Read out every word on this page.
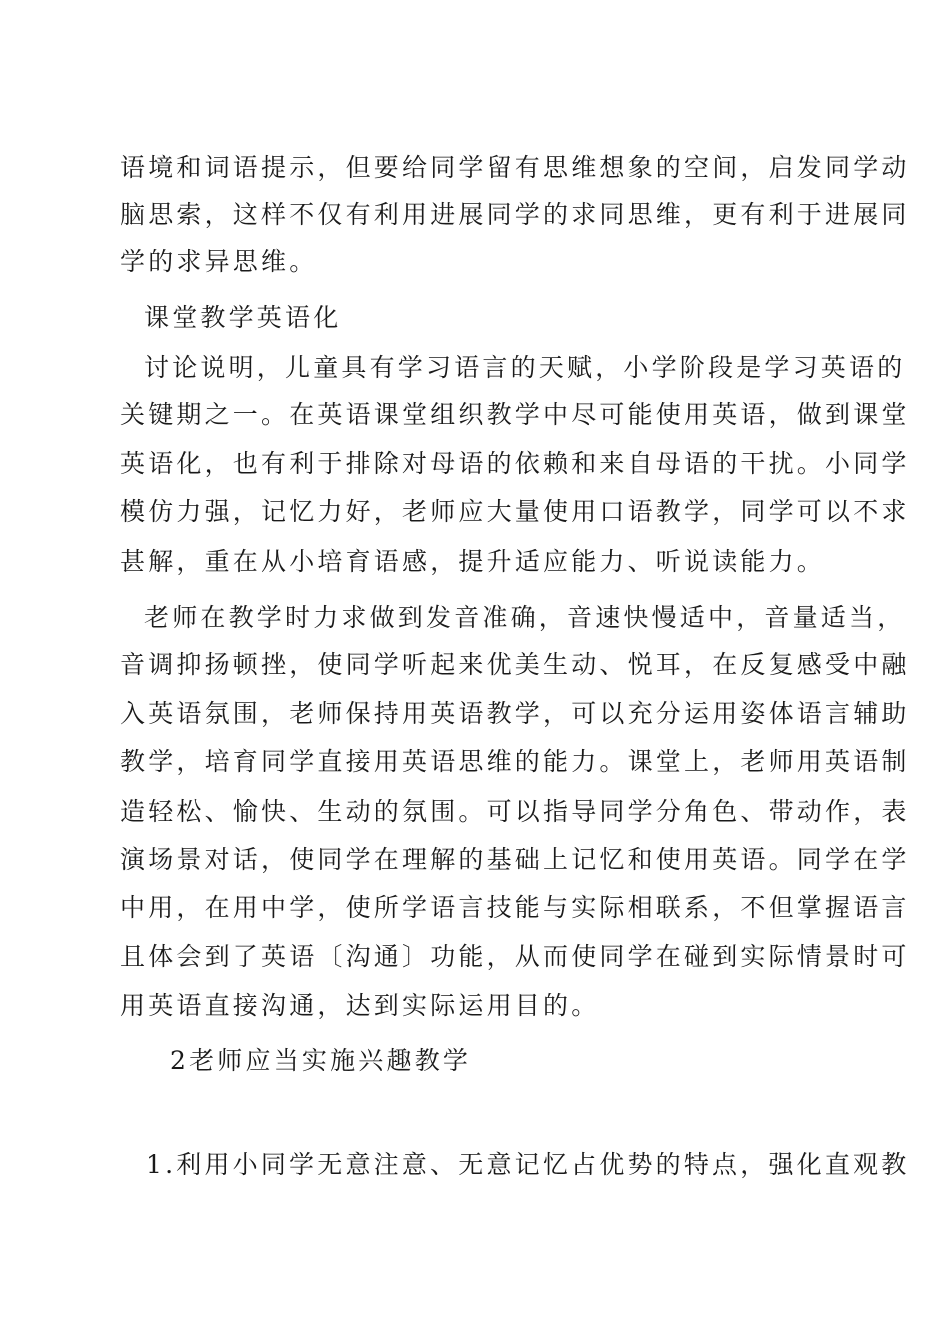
语境和词语提示，但要给同学留有思维想象的空间，启发同学动
脑思索，这样不仅有利用进展同学的求同思维，更有利于进展同
学的求异思维。
课堂教学英语化
讨论说明，儿童具有学习语言的天赋，小学阶段是学习英语的
关键期之一。在英语课堂组织教学中尽可能使用英语，做到课堂
英语化，也有利于排除对母语的依赖和来自母语的干扰。小同学
模仿力强，记忆力好，老师应大量使用口语教学，同学可以不求
甚解，重在从小培育语感，提升适应能力、听说读能力。
老师在教学时力求做到发音准确，音速快慢适中，音量适当，
音调抑扬顿挫，使同学听起来优美生动、悦耳，在反复感受中融
入英语氛围，老师保持用英语教学，可以充分运用姿体语言辅助
教学，培育同学直接用英语思维的能力。课堂上，老师用英语制
造轻松、愉快、生动的氛围。可以指导同学分角色、带动作，表
演场景对话，使同学在理解的基础上记忆和使用英语。同学在学
中用，在用中学，使所学语言技能与实际相联系，不但掌握语言
且体会到了英语〔沟通〕功能，从而使同学在碰到实际情景时可
用英语直接沟通，达到实际运用目的。
2老师应当实施兴趣教学
1.利用小同学无意注意、无意记忆占优势的特点，强化直观教
